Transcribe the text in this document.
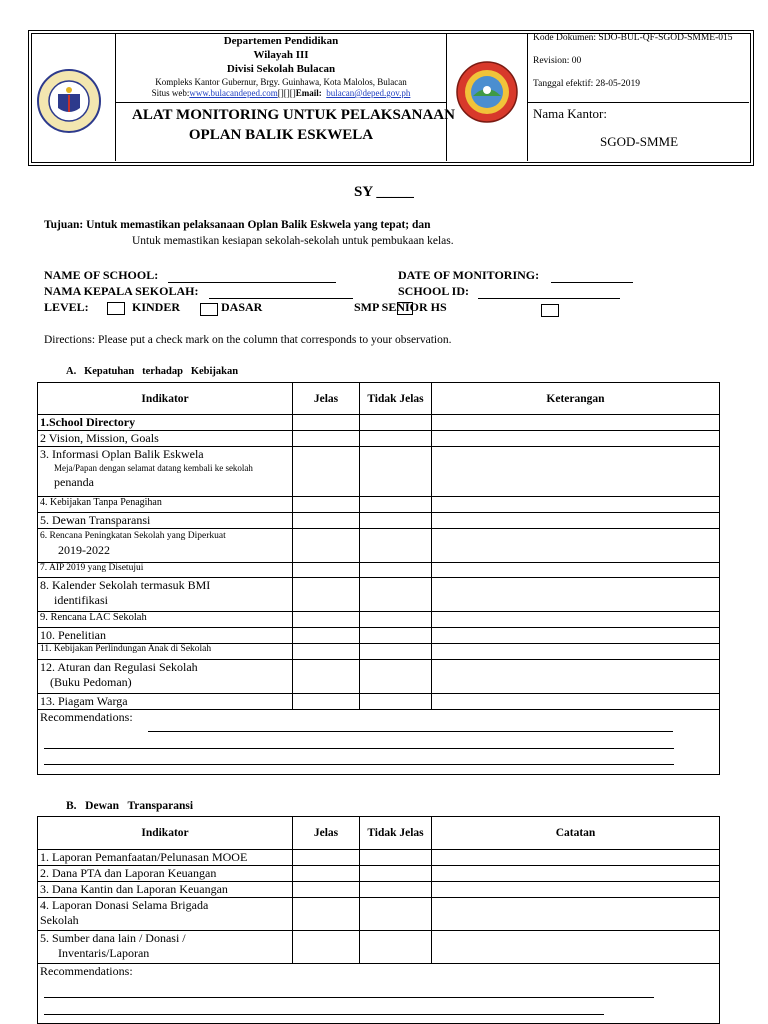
Departemen Pendidikan
Wilayah III
Divisi Sekolah Bulacan
Kompleks Kantor Gubernur, Brgy. Guinhawa, Kota Malolos, Bulacan
Situs web:www.bulacandeped.com[][][]Email: bulacan@deped.gov.ph
ALAT MONITORING UNTUK PELAKSANAAN
OPLAN BALIK ESKWELA
Kode Dokumen: SDO-BUL-QF-SGOD-SMME-015
Revision: 00
Tanggal efektif: 28-05-2019
Nama Kantor:
SGOD-SMME
SY _____
Tujuan: Untuk memastikan pelaksanaan Oplan Balik Eskwela yang tepat; dan
Untuk memastikan kesiapan sekolah-sekolah untuk pembukaan kelas.
NAME OF SCHOOL:	DATE OF MONITORING:
NAMA KEPALA SEKOLAH:	SCHOOL ID:
LEVEL:	KINDER	DASAR	SMP SENIOR HS
Directions: Please put a check mark on the column that corresponds to your observation.
A.   Kepatuhan   terhadap   Kebijakan
Indikator	Jelas	Tidak Jelas	Keterangan
1.School Directory			
2 Vision, Mission, Goals			

3. Informasi Oplan Balik Eskwela
Meja/Papan dengan selamat datang kembali ke sekolah
penanda			

4. Kebijakan Tanpa Penagihan			
5. Dewan Transparansi			

6. Rencana Peningkatan Sekolah yang Diperkuat
2019-2022			

7. AIP 2019 yang Disetujui			

8. Kalender Sekolah termasuk BMI
identifikasi			

9. Rencana LAC Sekolah			
10. Penelitian			
11. Kebijakan Perlindungan Anak di Sekolah			

12. Aturan dan Regulasi Sekolah
(Buku Pedoman)			

13. Piagam Warga			
Recommendations:			
B.   Dewan   Transparansi
Indikator	Jelas	Tidak Jelas	Catatan
1. Laporan Pemanfaatan/Pelunasan MOOE			
2. Dana PTA dan Laporan Keuangan			
3. Dana Kantin dan Laporan Keuangan			

4. Laporan Donasi Selama Brigada
Sekolah			

5. Sumber dana lain / Donasi /
Inventaris/Laporan			

Recommendations:			
